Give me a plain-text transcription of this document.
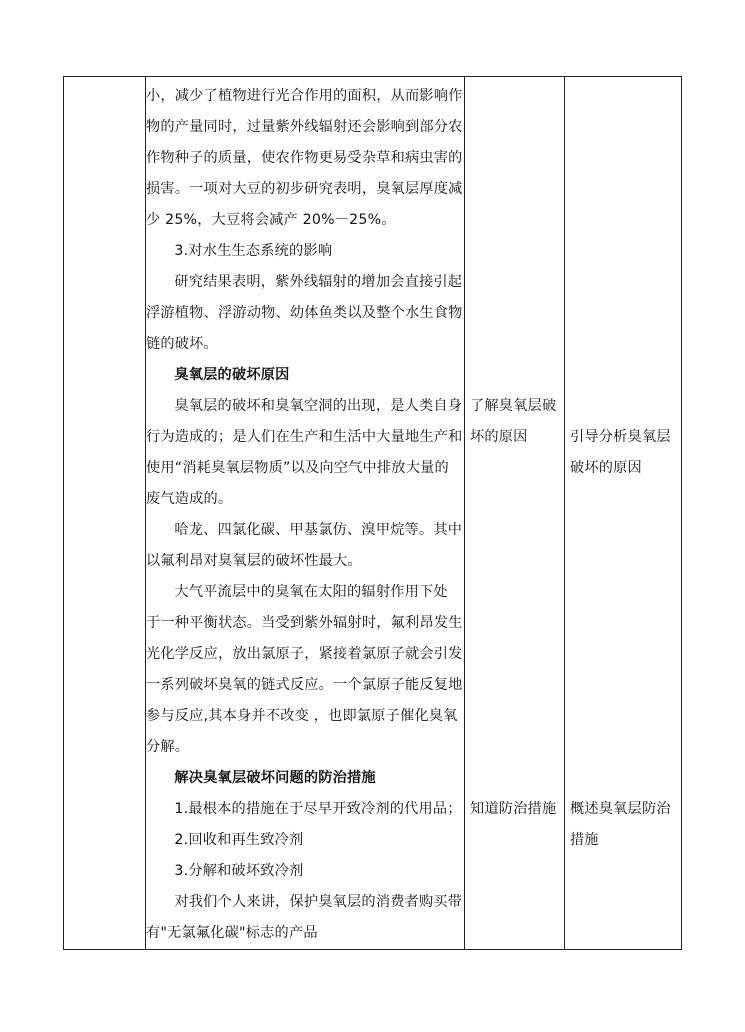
小，减少了植物进行光合作用的面积，从而影响作
物的产量同时，过量紫外线辐射还会影响到部分农
作物种子的质量，使农作物更易受杂草和病虫害的
损害。一项对大豆的初步研究表明，臭氧层厚度减
少 25%，大豆将会减产 20%－25%。

3.对水生生态系统的影响

研究结果表明，紫外线辐射的增加会直接引起
浮游植物、浮游动物、幼体鱼类以及整个水生食物
链的破坏。

臭氧层的破坏原因

臭氧层的破坏和臭氧空洞的出现，是人类自身
行为造成的；是人们在生产和生活中大量地生产和
使用“消耗臭氧层物质”以及向空气中排放大量的
废气造成的。

哈龙、四氯化碳、甲基氯仿、溴甲烷等。其中
以氟利昂对臭氧层的破坏性最大。

大气平流层中的臭氧在太阳的辐射作用下处
于一种平衡状态。当受到紫外辐射时，氟利昂发生
光化学反应，放出氯原子，紧接着氯原子就会引发
一系列破坏臭氧的链式反应。一个氯原子能反复地
参与反应,其本身并不改变 ，也即氯原子催化臭氧
分解。

解决臭氧层破坏问题的防治措施

1.最根本的措施在于尽早开致冷剂的代用品；

2.回收和再生致冷剂

3.分解和破坏致冷剂

对我们个人来讲，保护臭氧层的消费者购买带
有"无氯氟化碳"标志的产品

了解臭氧层破
坏的原因

知道防治措施

引导分析臭氧层
破坏的原因

概述臭氧层防治
措施
